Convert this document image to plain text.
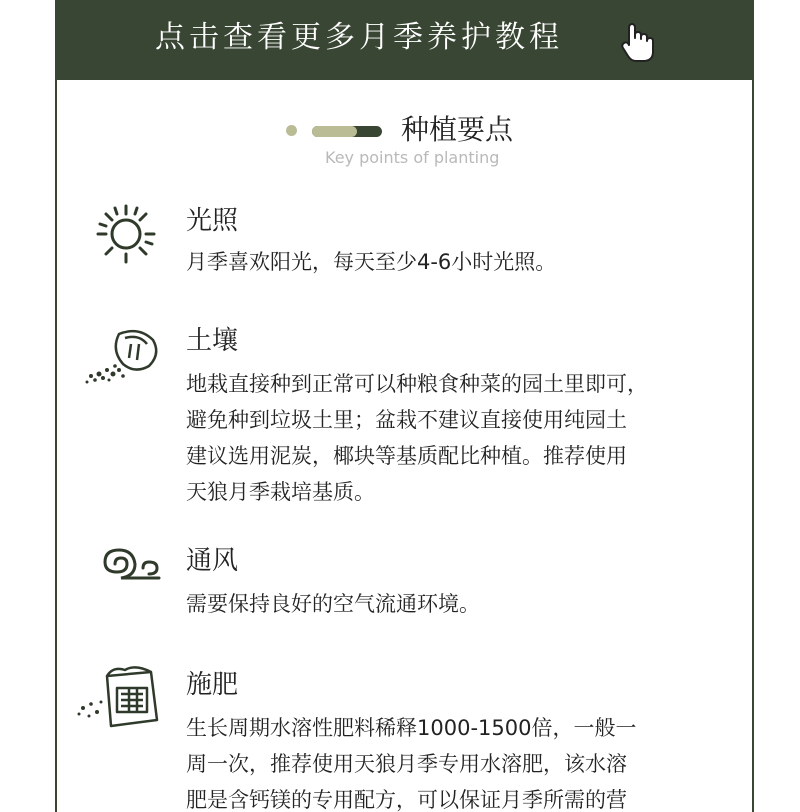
点击查看更多月季养护教程
种植要点
Key points of planting
光照

月季喜欢阳光，每天至少4-6小时光照。

土壤

地栽直接种到正常可以种粮食种菜的园土里即可，

避免种到垃圾土里；盆栽不建议直接使用纯园土

建议选用泥炭，椰块等基质配比种植。推荐使用

天狼月季栽培基质。

通风

需要保持良好的空气流通环境。

施肥

生长周期水溶性肥料稀释1000-1500倍，一般一

周一次，推荐使用天狼月季专用水溶肥，该水溶

肥是含钙镁的专用配方，可以保证月季所需的营
